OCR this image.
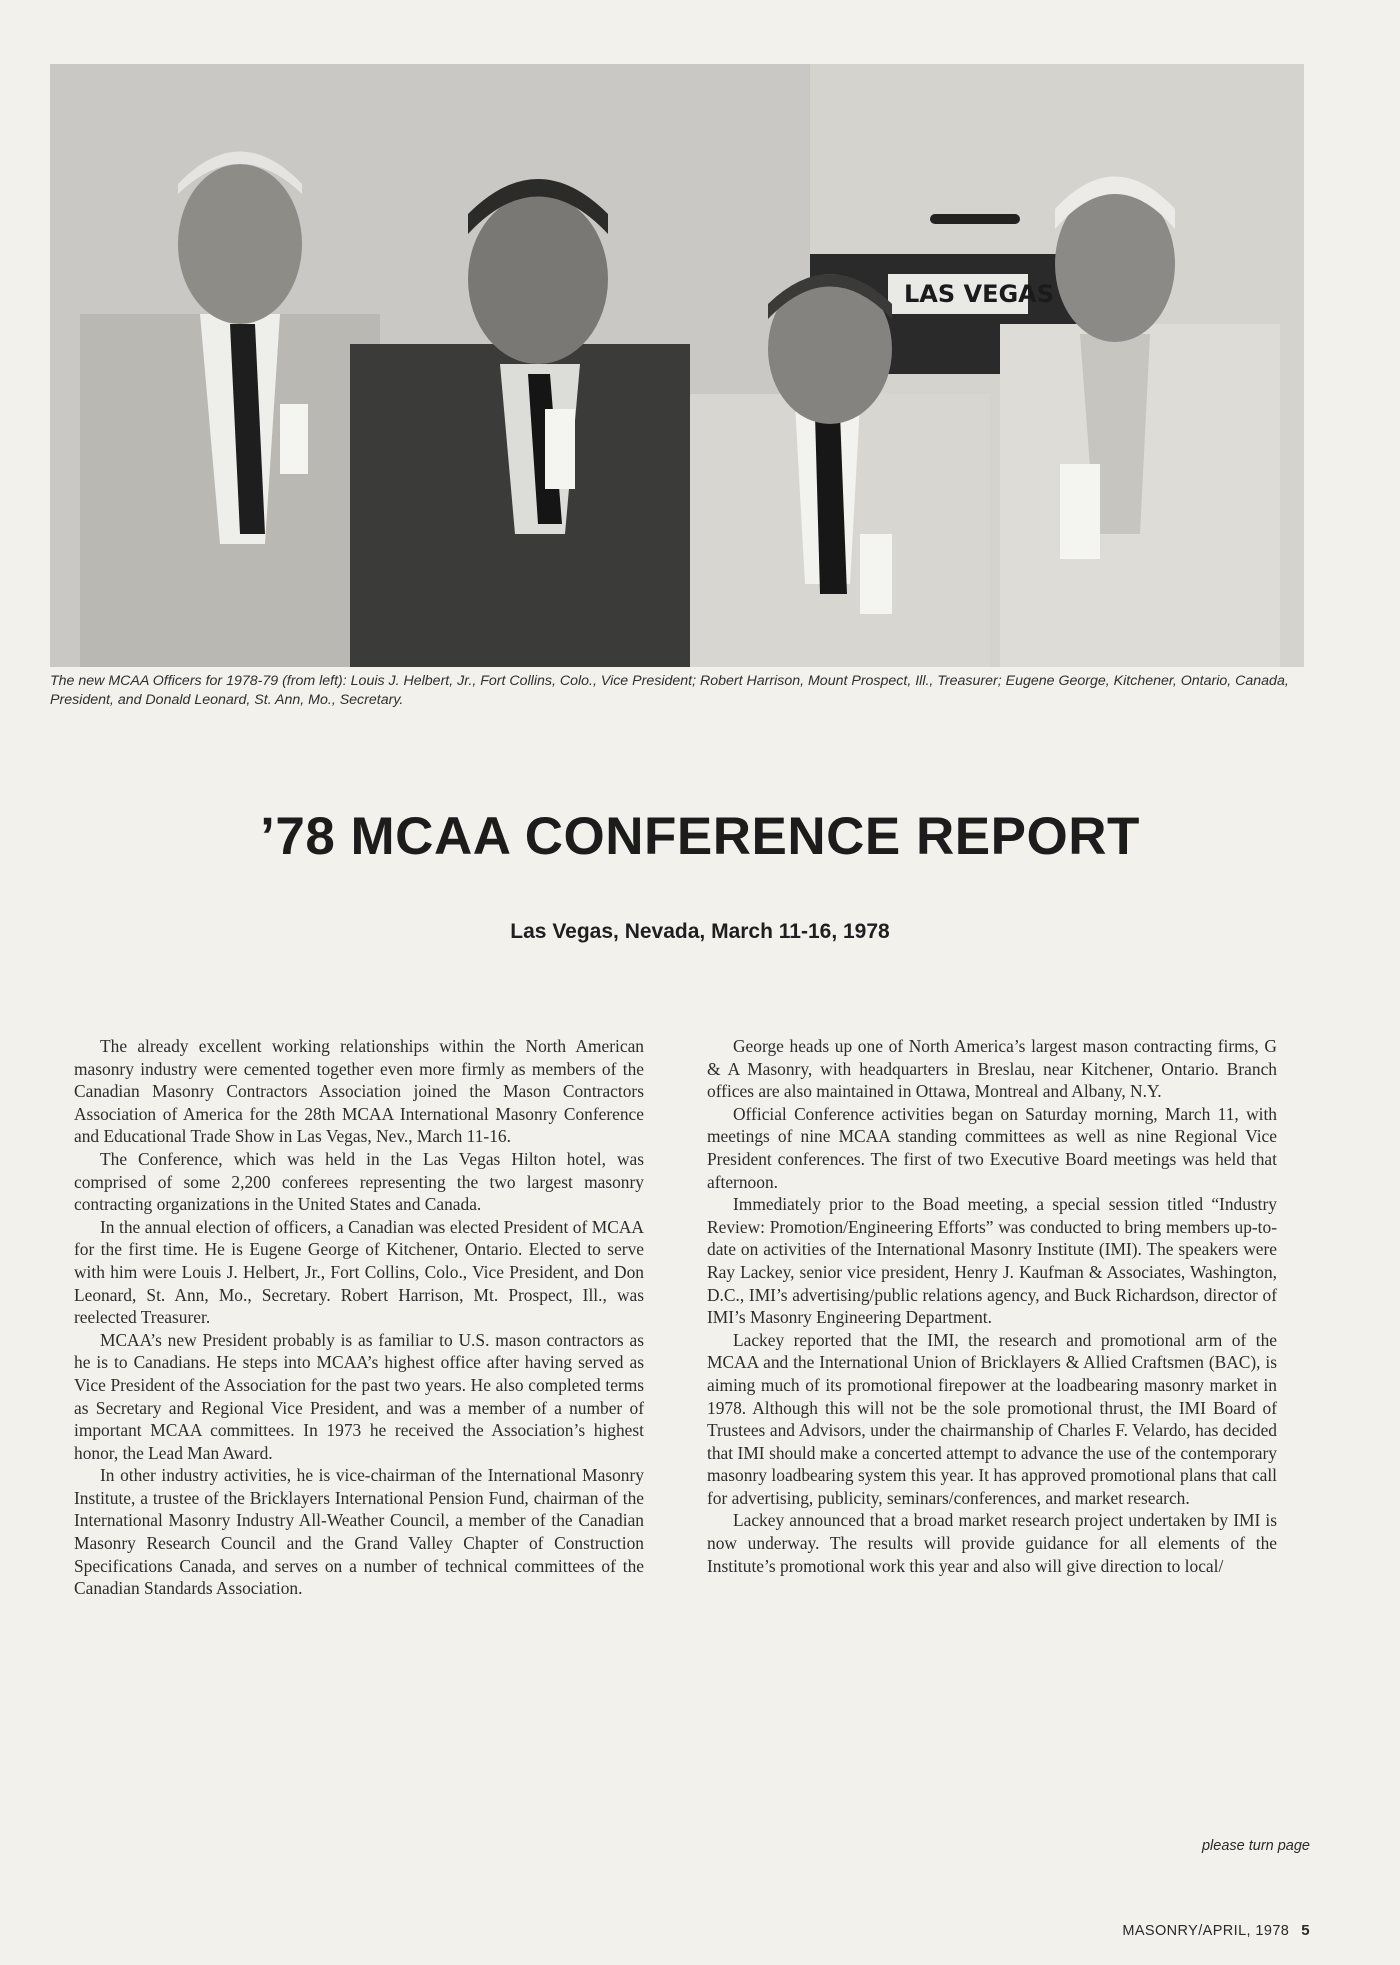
LAS VEGAS
The new MCAA Officers for 1978-79 (from left): Louis J. Helbert, Jr., Fort Collins, Colo., Vice President; Robert Harrison, Mount Prospect, Ill., Treasurer; Eugene George, Kitchener, Ontario, Canada, President, and Donald Leonard, St. Ann, Mo., Secretary.
’78 MCAA CONFERENCE REPORT
Las Vegas, Nevada, March 11-16, 1978

The already excellent working relationships within the North American masonry industry were cemented together even more firmly as members of the Canadian Masonry Contractors Association joined the Mason Contractors Association of America for the 28th MCAA International Masonry Conference and Educational Trade Show in Las Vegas, Nev., March 11-16.

The Conference, which was held in the Las Vegas Hilton hotel, was comprised of some 2,200 conferees representing the two largest masonry contracting organizations in the United States and Canada.

In the annual election of officers, a Canadian was elected President of MCAA for the first time. He is Eugene George of Kitchener, Ontario. Elected to serve with him were Louis J. Helbert, Jr., Fort Collins, Colo., Vice President, and Don Leonard, St. Ann, Mo., Secretary. Robert Harrison, Mt. Prospect, Ill., was reelected Treasurer.

MCAA’s new President probably is as familiar to U.S. mason contractors as he is to Canadians. He steps into MCAA’s highest office after having served as Vice President of the Association for the past two years. He also completed terms as Secretary and Regional Vice President, and was a member of a number of important MCAA committees. In 1973 he received the Association’s highest honor, the Lead Man Award.

In other industry activities, he is vice-chairman of the International Masonry Institute, a trustee of the Bricklayers International Pension Fund, chairman of the International Masonry Industry All-Weather Council, a member of the Canadian Masonry Research Council and the Grand Valley Chapter of Construction Specifications Canada, and serves on a number of technical committees of the Canadian Standards Association.

George heads up one of North America’s largest mason contracting firms, G & A Masonry, with headquarters in Breslau, near Kitchener, Ontario. Branch offices are also maintained in Ottawa, Montreal and Albany, N.Y.

Official Conference activities began on Saturday morning, March 11, with meetings of nine MCAA standing committees as well as nine Regional Vice President conferences. The first of two Executive Board meetings was held that afternoon.

Immediately prior to the Boad meeting, a special session titled “Industry Review: Promotion/Engineering Efforts” was conducted to bring members up-to-date on activities of the International Masonry Institute (IMI). The speakers were Ray Lackey, senior vice president, Henry J. Kaufman & Associates, Washington, D.C., IMI’s advertising/public relations agency, and Buck Richardson, director of IMI’s Masonry Engineering Department.

Lackey reported that the IMI, the research and promotional arm of the MCAA and the International Union of Bricklayers & Allied Craftsmen (BAC), is aiming much of its promotional firepower at the loadbearing masonry market in 1978. Although this will not be the sole promotional thrust, the IMI Board of Trustees and Advisors, under the chairmanship of Charles F. Velardo, has decided that IMI should make a concerted attempt to advance the use of the contemporary masonry loadbearing system this year. It has approved promotional plans that call for advertising, publicity, seminars/conferences, and market research.

Lackey announced that a broad market research project undertaken by IMI is now underway. The results will provide guidance for all elements of the Institute’s promotional work this year and also will give direction to local/

please turn page
MASONRY/APRIL, 1978 5
